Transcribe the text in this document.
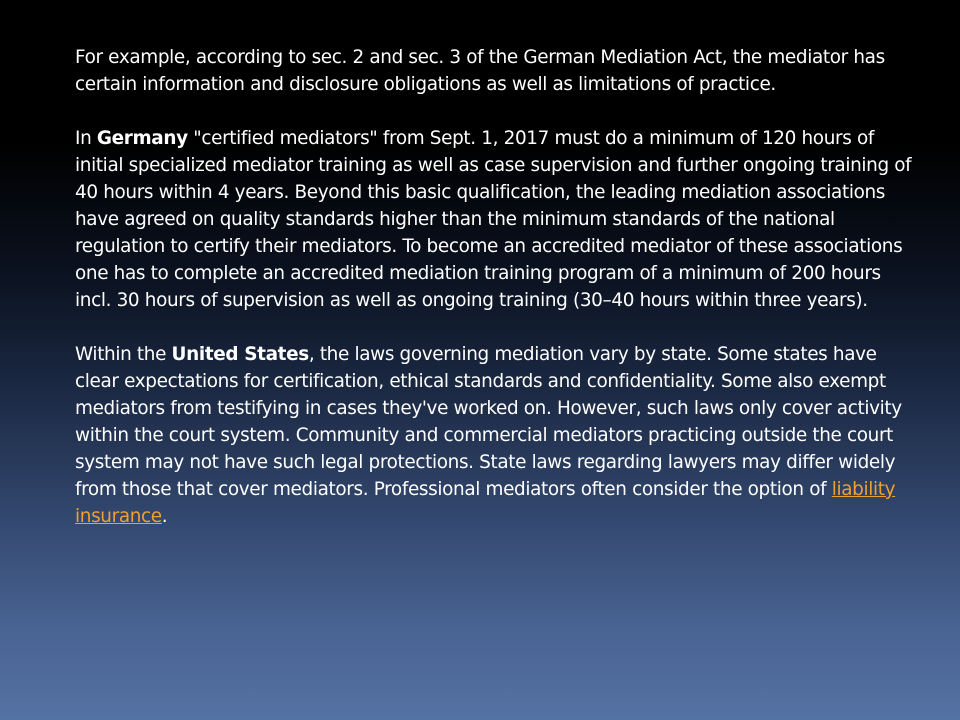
For example, according to sec. 2 and sec. 3 of the German Mediation Act, the mediator has certain information and disclosure obligations as well as limitations of practice.

In Germany "certified mediators" from Sept. 1, 2017 must do a minimum of 120 hours of initial specialized mediator training as well as case supervision and further ongoing training of 40 hours within 4 years. Beyond this basic qualification, the leading mediation associations have agreed on quality standards higher than the minimum standards of the national regulation to certify their mediators. To become an accredited mediator of these associations one has to complete an accredited mediation training program of a minimum of 200 hours incl. 30 hours of supervision as well as ongoing training (30–40 hours within three years).

Within the United States, the laws governing mediation vary by state. Some states have clear expectations for certification, ethical standards and confidentiality. Some also exempt mediators from testifying in cases they've worked on. However, such laws only cover activity within the court system. Community and commercial mediators practicing outside the court system may not have such legal protections. State laws regarding lawyers may differ widely from those that cover mediators. Professional mediators often consider the option of liability insurance.
